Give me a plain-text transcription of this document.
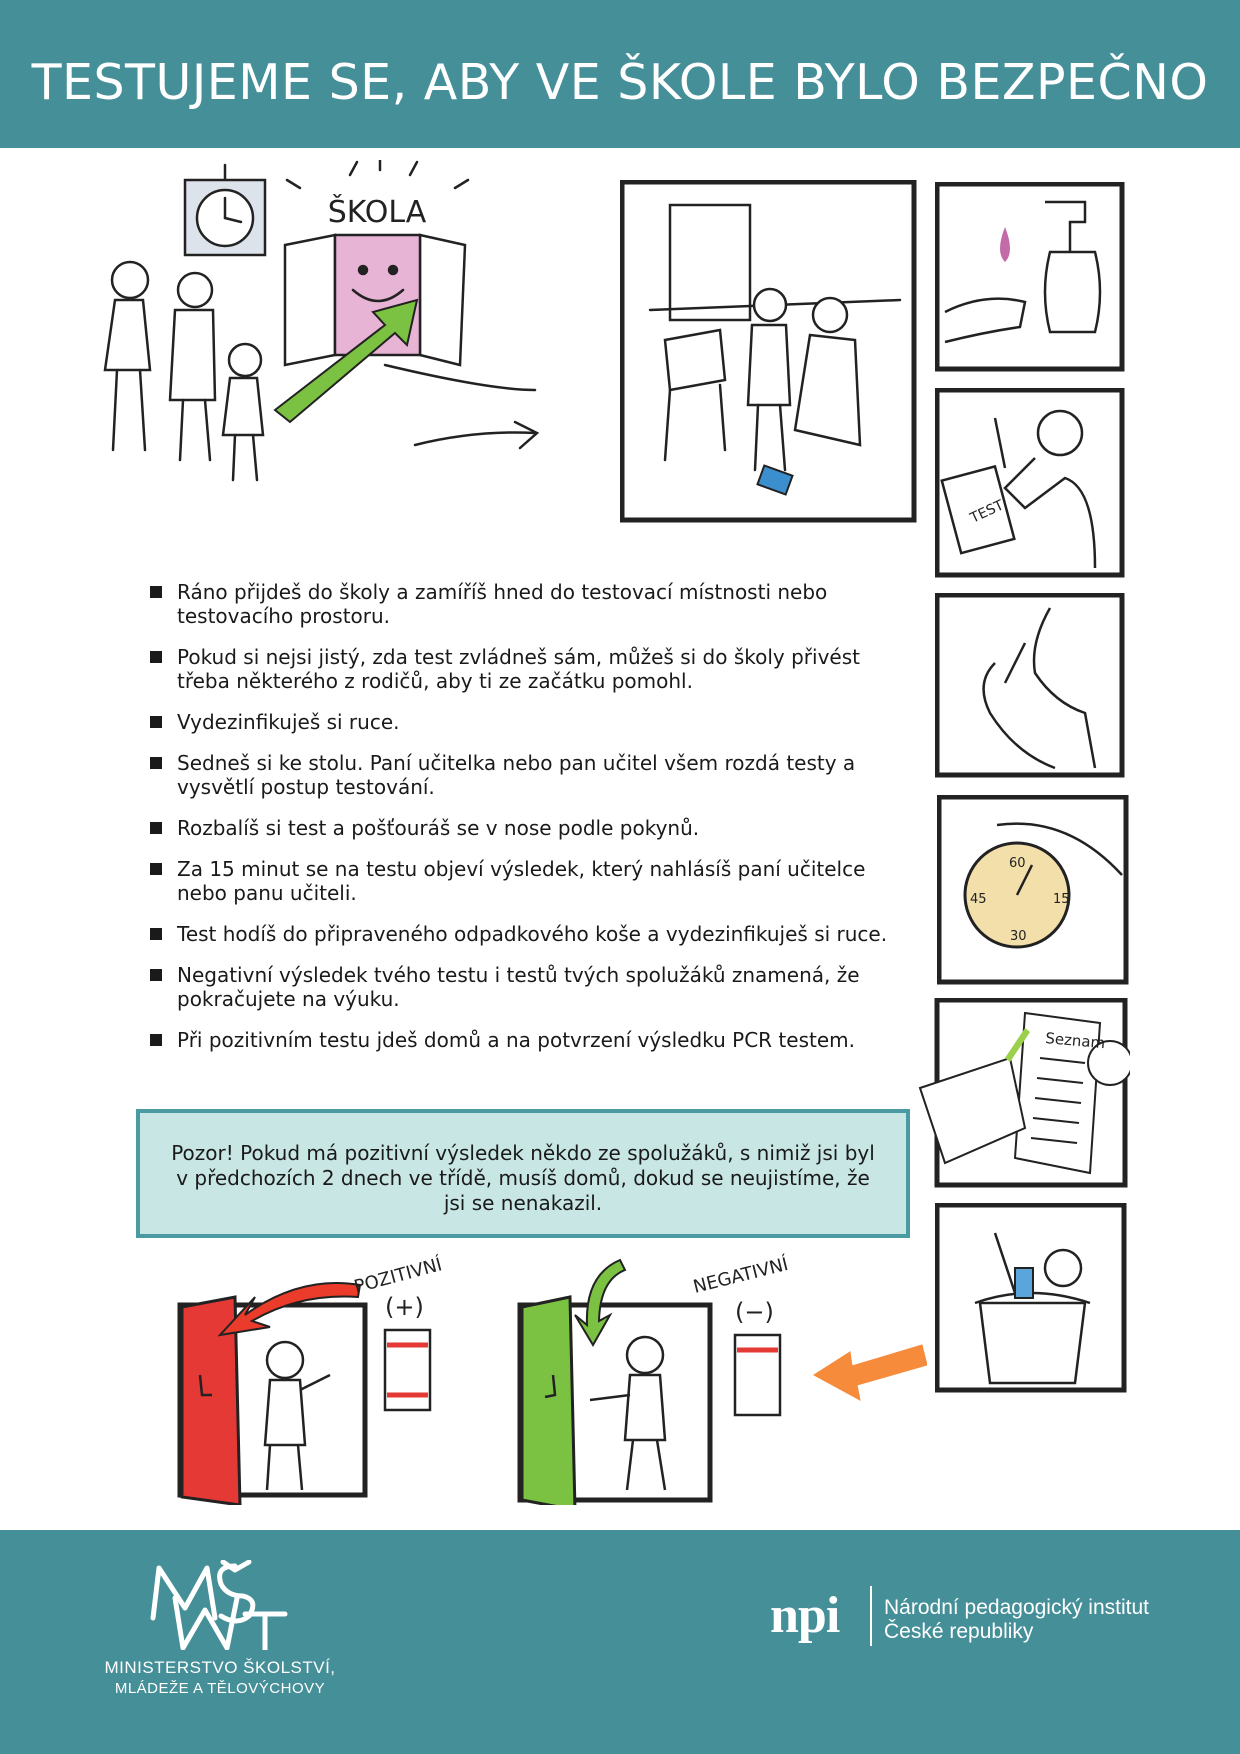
TESTUJEME SE, ABY VE ŠKOLE BYLO BEZPEČNO
ŠKOLA
TEST
60
30
15
45
Seznam
Ráno přijdeš do školy a zamíříš hned do testovací místnosti nebo testovacího prostoru.
Pokud si nejsi jistý, zda test zvládneš sám, můžeš si do školy přivést třeba některého z rodičů, aby ti ze začátku pomohl.
Vydezinfikuješ si ruce.
Sedneš si ke stolu. Paní učitelka nebo pan učitel všem rozdá testy a vysvětlí postup testování.
Rozbalíš si test a pošťouráš se v nose podle pokynů.
Za 15 minut se na testu objeví výsledek, který nahlásíš paní učitelce nebo panu učiteli.
Test hodíš do připraveného odpadkového koše a vydezinfikuješ si ruce.
Negativní výsledek tvého testu i testů tvých spolužáků znamená, že pokračujete na výuku.
Při pozitivním testu jdeš domů a na potvrzení výsledku PCR testem.

Pozor! Pokud má pozitivní výsledek někdo ze spolužáků, s nimiž jsi byl v předchozích 2 dnech ve třídě, musíš domů, dokud se neujistíme, že jsi se nenakazil.

(+)
POZITIVNÍ
(−)
NEGATIVNÍ
MINISTERSTVO ŠKOLSTVÍ,
MLÁDEŽE A TĚLOVÝCHOVY
npi Národní pedagogický institut
České republiky
